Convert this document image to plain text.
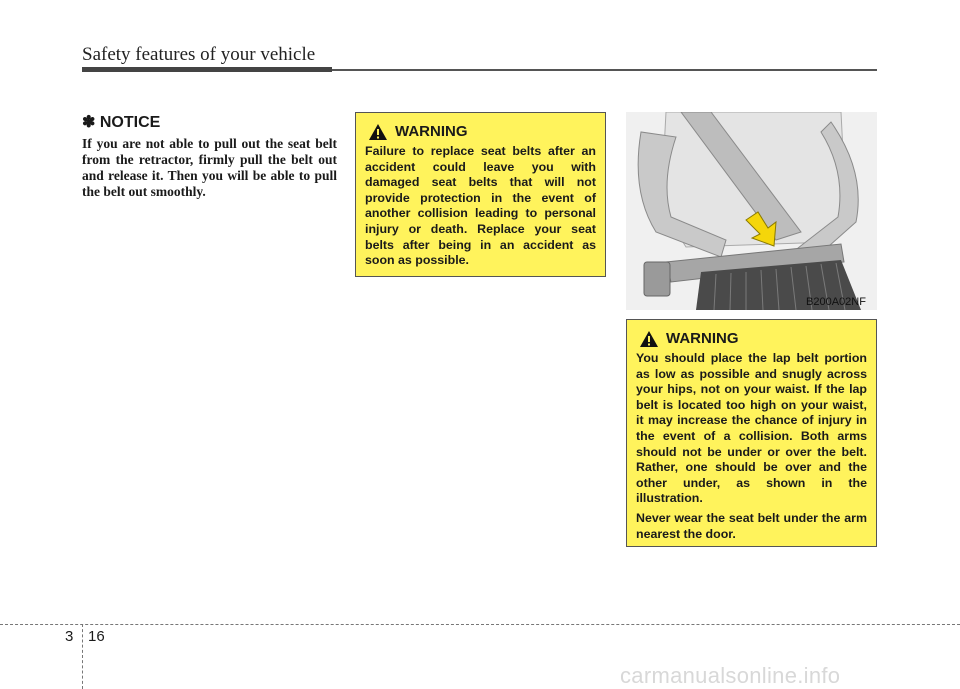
Safety features of your vehicle
✽ NOTICE
If you are not able to pull out the seat belt from the retractor, firmly pull the belt out and release it. Then you will be able to pull the belt out smoothly.
WARNING
Failure to replace seat belts after an accident could leave you with damaged seat belts that will not provide protection in the event of another collision leading to personal injury or death. Replace your seat belts after being in an accident as soon as possible.
B200A02NF
WARNING

You should place the lap belt portion as low as possible and snugly across your hips, not on your waist. If the lap belt is located too high on your waist, it may increase the chance of injury in the event of a collision. Both arms should not be under or over the belt. Rather, one should be over and the other under, as shown in the illustration.

Never wear the seat belt under the arm nearest the door.

3 16
carmanualsonline.info
